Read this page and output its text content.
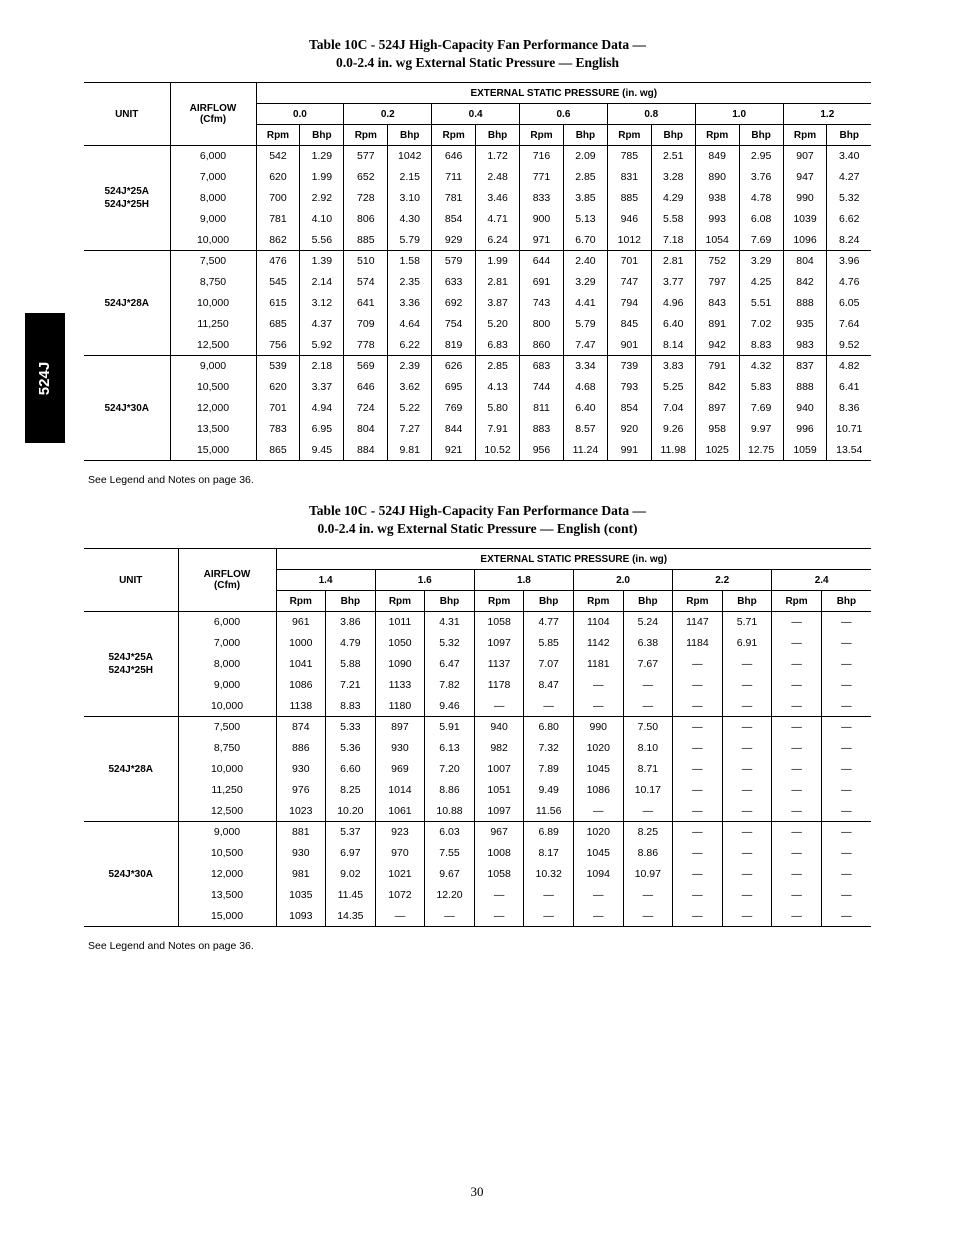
Table 10C - 524J High-Capacity Fan Performance Data —
0.0-2.4 in. wg External Static Pressure — English
UNIT	AIRFLOW
(Cfm)	EXTERNAL STATIC PRESSURE (in. wg)													
		0.0		0.2		0.4		0.6		0.8		1.0		1.2	
		Rpm	Bhp	Rpm	Bhp	Rpm	Bhp	Rpm	Bhp	Rpm	Bhp	Rpm	Bhp	Rpm	Bhp

524J*25A
524J*25H	6,000	542	1.29	577	1042	646	1.72	716	2.09	785	2.51	849	2.95	907	3.40
	7,000	620	1.99	652	2.15	711	2.48	771	2.85	831	3.28	890	3.76	947	4.27
	8,000	700	2.92	728	3.10	781	3.46	833	3.85	885	4.29	938	4.78	990	5.32
	9,000	781	4.10	806	4.30	854	4.71	900	5.13	946	5.58	993	6.08	1039	6.62
	10,000	862	5.56	885	5.79	929	6.24	971	6.70	1012	7.18	1054	7.69	1096	8.24

524J*28A	7,500	476	1.39	510	1.58	579	1.99	644	2.40	701	2.81	752	3.29	804	3.96
	8,750	545	2.14	574	2.35	633	2.81	691	3.29	747	3.77	797	4.25	842	4.76
	10,000	615	3.12	641	3.36	692	3.87	743	4.41	794	4.96	843	5.51	888	6.05
	11,250	685	4.37	709	4.64	754	5.20	800	5.79	845	6.40	891	7.02	935	7.64
	12,500	756	5.92	778	6.22	819	6.83	860	7.47	901	8.14	942	8.83	983	9.52

524J*30A	9,000	539	2.18	569	2.39	626	2.85	683	3.34	739	3.83	791	4.32	837	4.82
	10,500	620	3.37	646	3.62	695	4.13	744	4.68	793	5.25	842	5.83	888	6.41
	12,000	701	4.94	724	5.22	769	5.80	811	6.40	854	7.04	897	7.69	940	8.36
	13,500	783	6.95	804	7.27	844	7.91	883	8.57	920	9.26	958	9.97	996	10.71
	15,000	865	9.45	884	9.81	921	10.52	956	11.24	991	11.98	1025	12.75	1059	13.54
See Legend and Notes on page 36.
Table 10C - 524J High-Capacity Fan Performance Data —
0.0-2.4 in. wg External Static Pressure — English (cont)
UNIT	AIRFLOW
(Cfm)	EXTERNAL STATIC PRESSURE (in. wg)											
		1.4		1.6		1.8		2.0		2.2		2.4	
		Rpm	Bhp	Rpm	Bhp	Rpm	Bhp	Rpm	Bhp	Rpm	Bhp	Rpm	Bhp

524J*25A
524J*25H	6,000	961	3.86	1011	4.31	1058	4.77	1104	5.24	1147	5.71	—	—
	7,000	1000	4.79	1050	5.32	1097	5.85	1142	6.38	1184	6.91	—	—
	8,000	1041	5.88	1090	6.47	1137	7.07	1181	7.67	—	—	—	—
	9,000	1086	7.21	1133	7.82	1178	8.47	—	—	—	—	—	—
	10,000	1138	8.83	1180	9.46	—	—	—	—	—	—	—	—

524J*28A	7,500	874	5.33	897	5.91	940	6.80	990	7.50	—	—	—	—
	8,750	886	5.36	930	6.13	982	7.32	1020	8.10	—	—	—	—
	10,000	930	6.60	969	7.20	1007	7.89	1045	8.71	—	—	—	—
	11,250	976	8.25	1014	8.86	1051	9.49	1086	10.17	—	—	—	—
	12,500	1023	10.20	1061	10.88	1097	11.56	—	—	—	—	—	—

524J*30A	9,000	881	5.37	923	6.03	967	6.89	1020	8.25	—	—	—	—
	10,500	930	6.97	970	7.55	1008	8.17	1045	8.86	—	—	—	—
	12,000	981	9.02	1021	9.67	1058	10.32	1094	10.97	—	—	—	—
	13,500	1035	11.45	1072	12.20	—	—	—	—	—	—	—	—
	15,000	1093	14.35	—	—	—	—	—	—	—	—	—	—
See Legend and Notes on page 36.
524J
30
